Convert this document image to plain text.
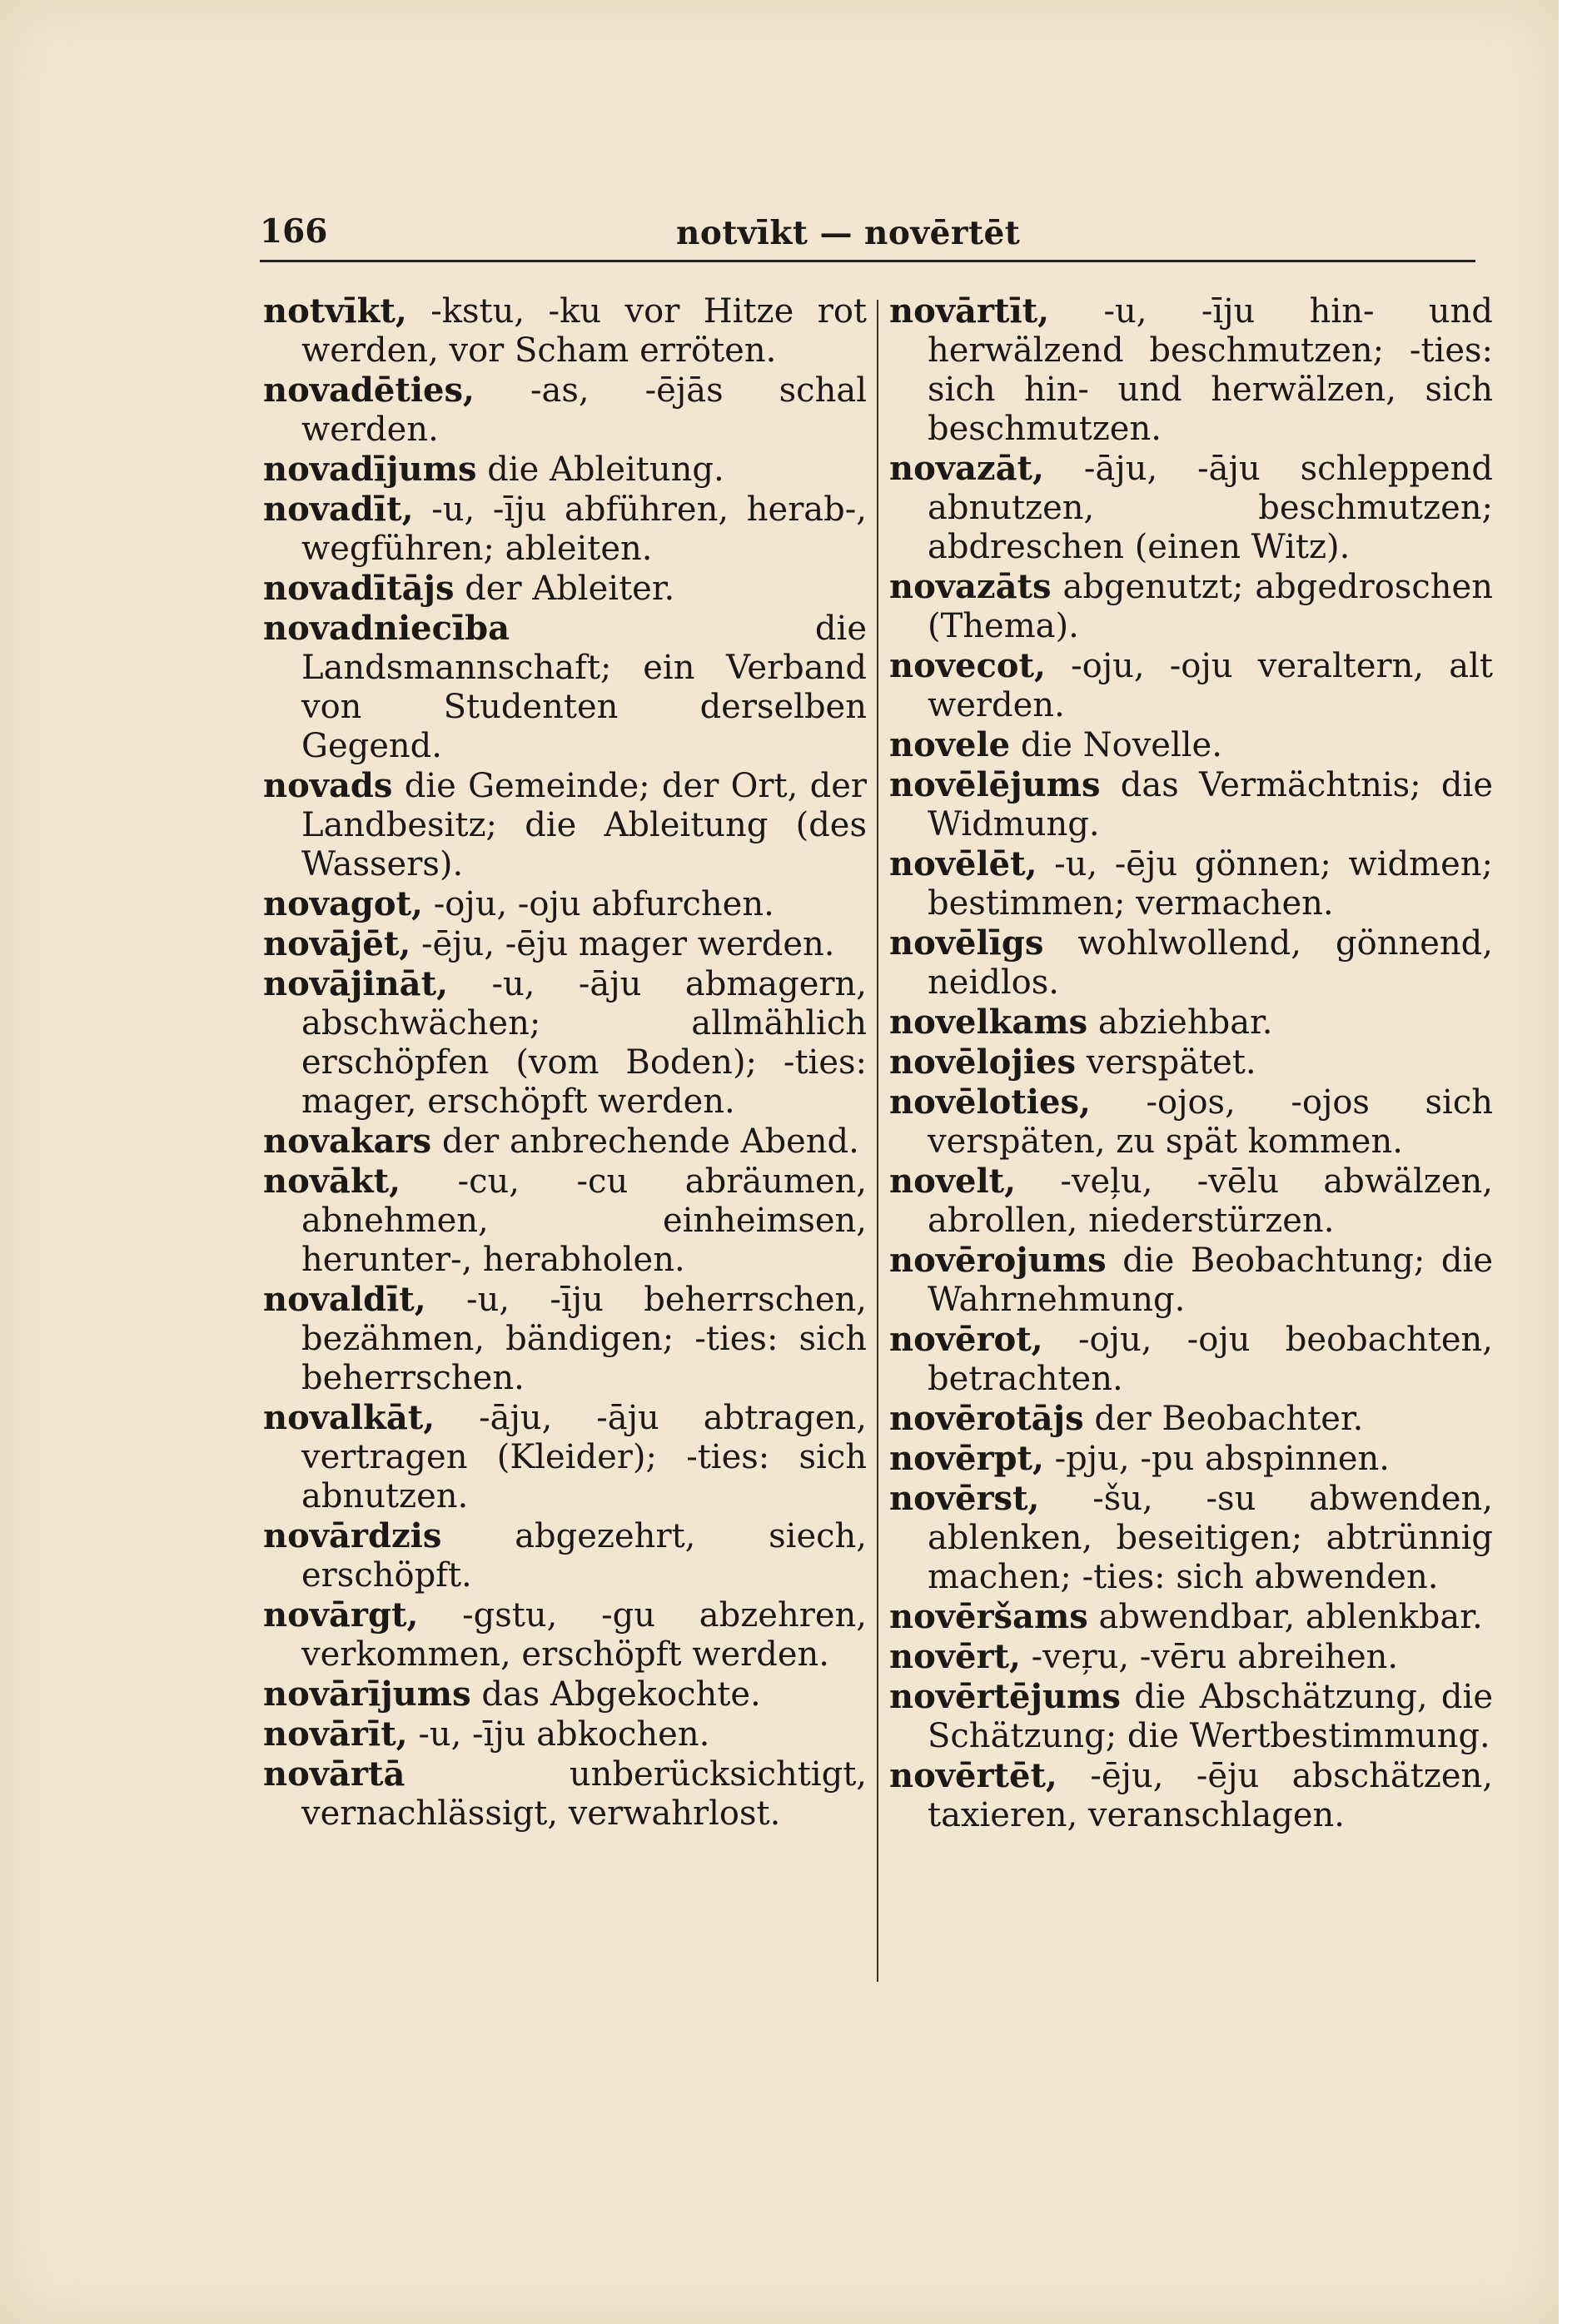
166	notvīkt — novērtēt
notvīkt, -kstu, -ku vor Hitze rot werden, vor Scham erröten.
novadēties, -as, -ējās schal werden.
novadījums die Ableitung.
novadīt, -u, -īju abführen, herab-, wegführen; ableiten.
novadītājs der Ableiter.
novadniecība	die Landsmannschaft; ein Verband von Studenten derselben Gegend.
novads die Gemeinde; der Ort, der Landbesitz; die Ableitung (des Wassers).
novagot, -oju, -oju abfurchen.
novājēt, -ēju, -ēju mager werden.
novājināt, -u, -āju abmagern, abschwächen; allmählich erschöpfen (vom Boden); -ties: mager, erschöpft werden.
novakars der anbrechende Abend.
novākt, -cu, -cu abräumen, abnehmen, einheimsen, herunter-, herabholen.
novaldīt, -u, -īju beherrschen, bezähmen, bändigen; -ties: sich beherrschen.
novalkāt, -āju, -āju abtragen, vertragen (Kleider); -ties: sich abnutzen.
novārdzis abgezehrt, siech, erschöpft.
novārgt, -gstu, -gu abzehren, verkommen, erschöpft werden.
novārījums das Abgekochte.
novārīt, -u, -īju abkochen.
novārtā	unberücksichtigt, vernachlässigt, verwahrlost.
novārtīt, -u, -īju hin- und herwälzend beschmutzen; -ties: sich hin- und herwälzen, sich beschmutzen.
novazāt, -āju, -āju schleppend abnutzen, beschmutzen; abdreschen (einen Witz).
novazāts abgenutzt; abgedroschen (Thema).
novecot, -oju, -oju veraltern, alt werden.
novele die Novelle.
novēlējums das Vermächtnis; die Widmung.
novēlēt, -u, -ēju gönnen; widmen; bestimmen; vermachen.
novēlīgs wohlwollend, gönnend, neidlos.
novelkams abziehbar.
novēlojies verspätet.
novēloties, -ojos, -ojos sich verspäten, zu spät kommen.
novelt, -veļu, -vēlu abwälzen, abrollen, niederstürzen.
novērojums die Beobachtung; die Wahrnehmung.
novērot, -oju, -oju beobachten, betrachten.
novērotājs der Beobachter.
novērpt, -pju, -pu abspinnen.
novērst, -šu, -su abwenden, ablenken, beseitigen; abtrünnig machen; -ties: sich abwenden.
novēršams abwendbar, ablenkbar.
novērt, -veŗu, -vēru abreihen.
novērtējums die Abschätzung, die Schätzung; die Wertbestimmung.
novērtēt, -ēju, -ēju abschätzen, taxieren, veranschlagen.
